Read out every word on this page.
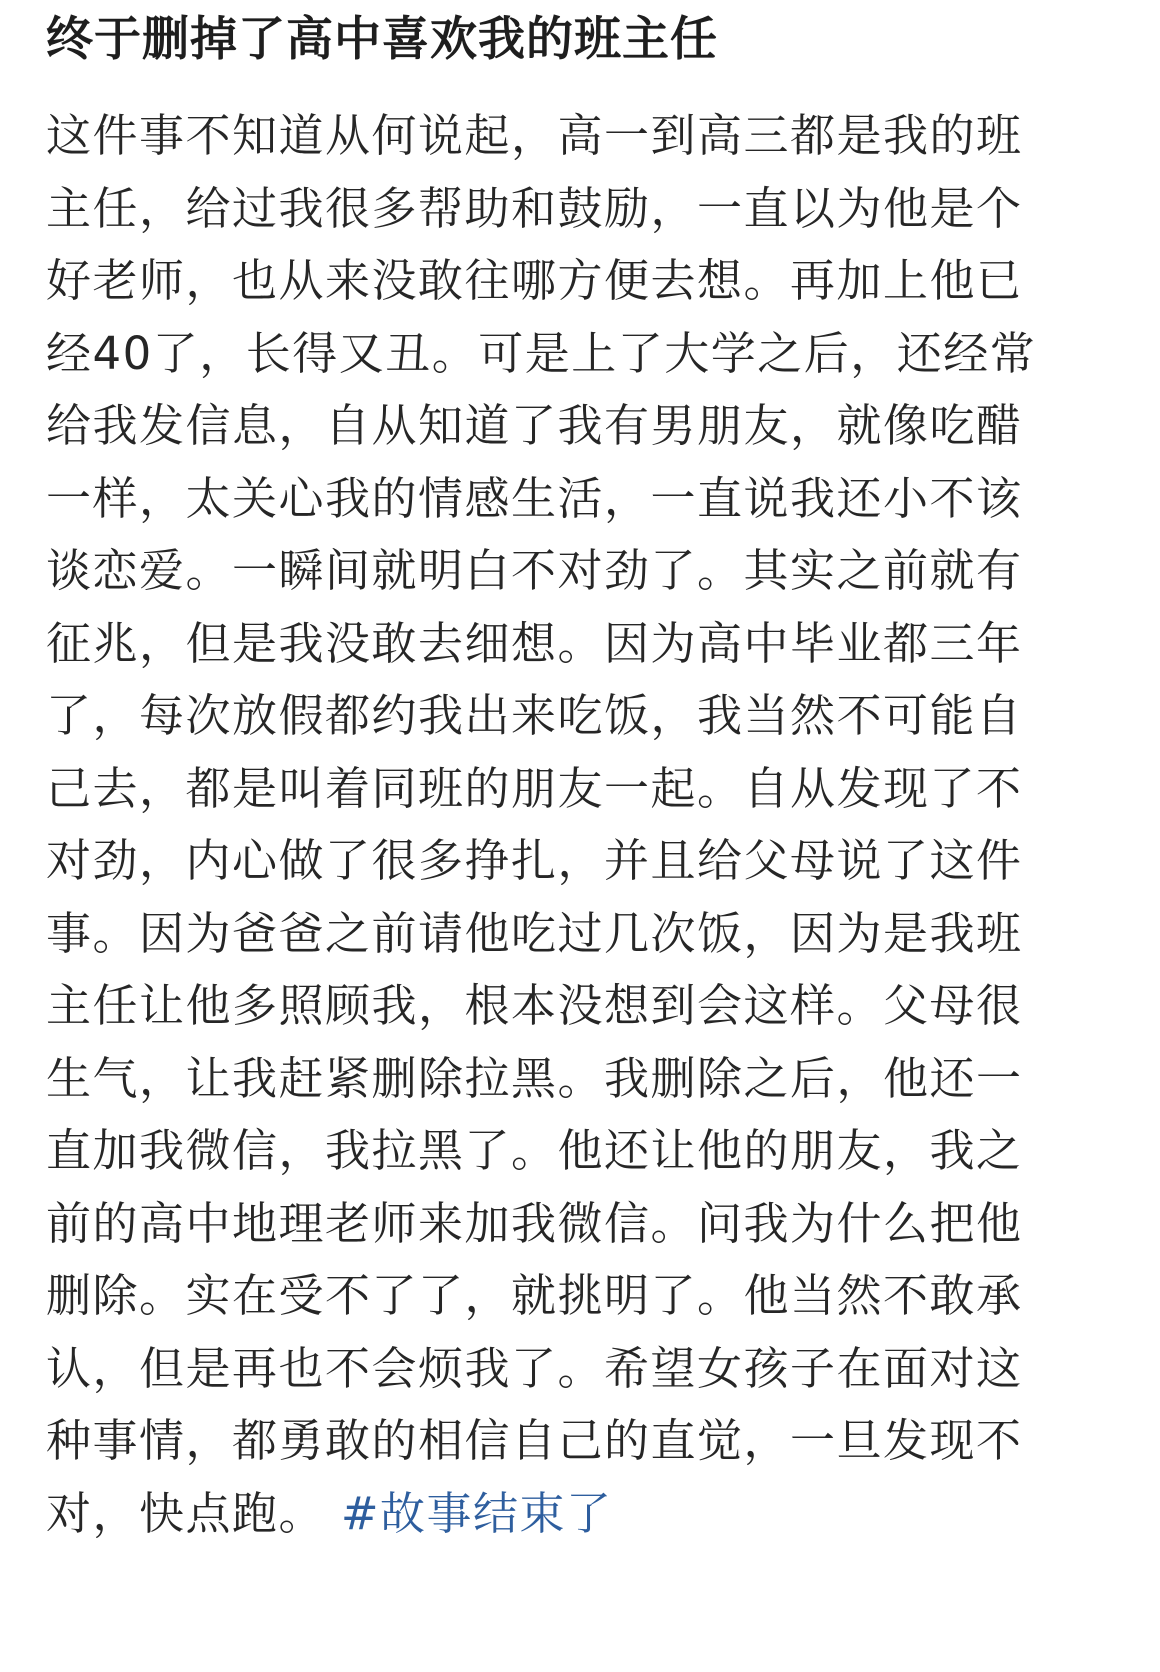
终于删掉了高中喜欢我的班主任
这件事不知道从何说起，高一到高三都是我的班
主任，给过我很多帮助和鼓励，一直以为他是个
好老师，也从来没敢往哪方便去想。再加上他已
经40了，长得又丑。可是上了大学之后，还经常
给我发信息，自从知道了我有男朋友，就像吃醋
一样，太关心我的情感生活，一直说我还小不该
谈恋爱。一瞬间就明白不对劲了。其实之前就有
征兆，但是我没敢去细想。因为高中毕业都三年
了，每次放假都约我出来吃饭，我当然不可能自
己去，都是叫着同班的朋友一起。自从发现了不
对劲，内心做了很多挣扎，并且给父母说了这件
事。因为爸爸之前请他吃过几次饭，因为是我班
主任让他多照顾我，根本没想到会这样。父母很
生气，让我赶紧删除拉黑。我删除之后，他还一
直加我微信，我拉黑了。他还让他的朋友，我之
前的高中地理老师来加我微信。问我为什么把他
删除。实在受不了了，就挑明了。他当然不敢承
认，但是再也不会烦我了。希望女孩子在面对这
种事情，都勇敢的相信自己的直觉，一旦发现不
对，快点跑。 #故事结束了
